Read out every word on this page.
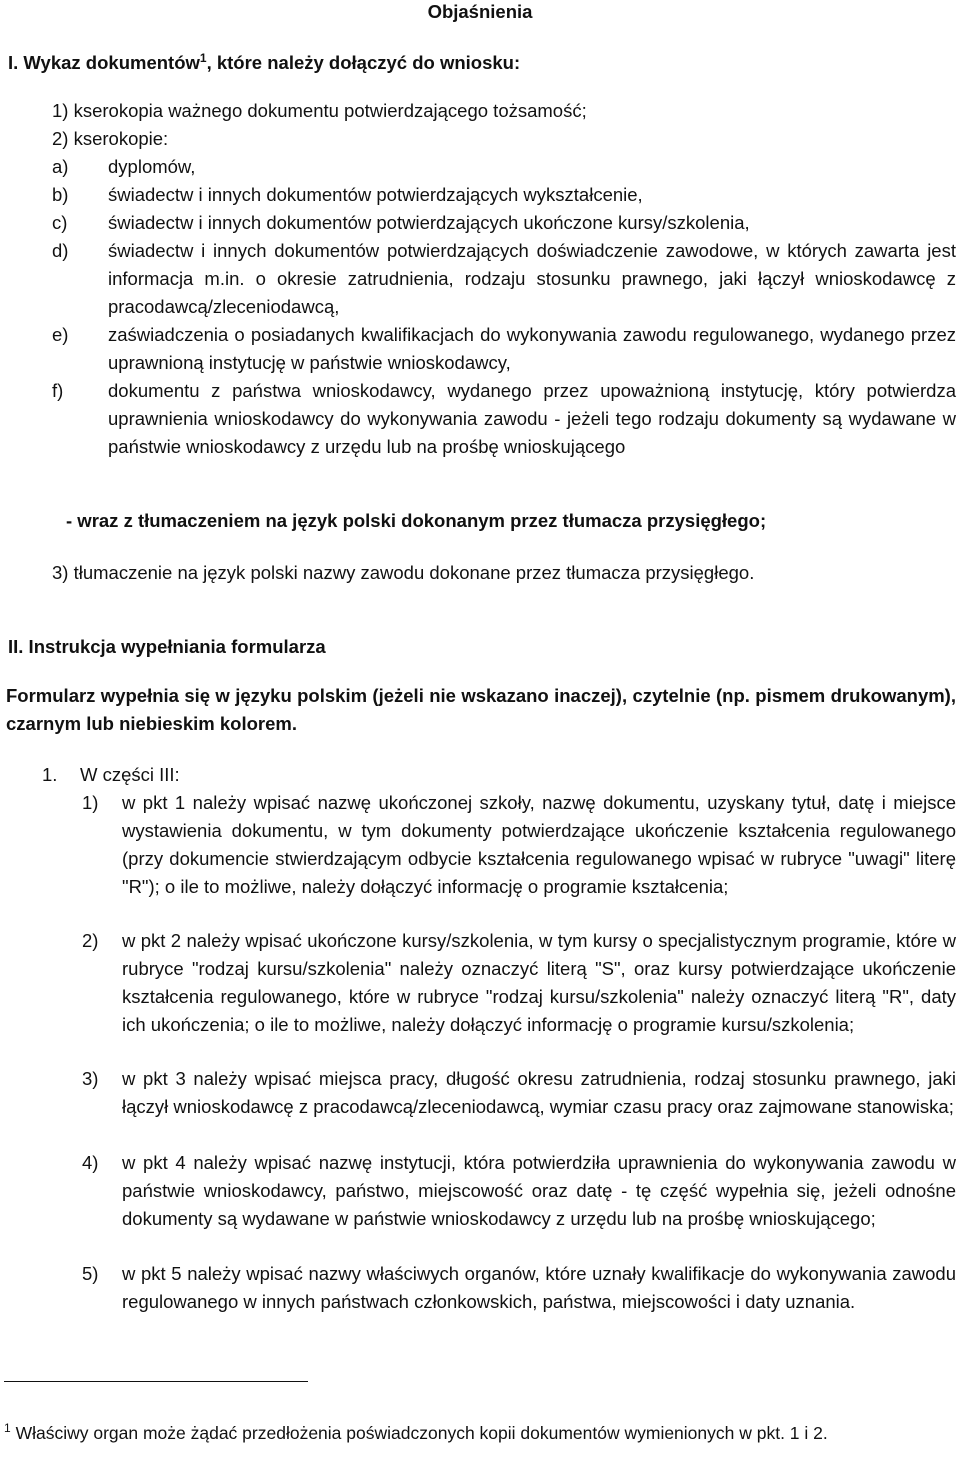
Objaśnienia
I. Wykaz dokumentów$^1$, które należy dołączyć do wniosku:
1) kserokopia ważnego dokumentu potwierdzającego tożsamość;
2) kserokopie:
a) dyplomów,
b) świadectw i innych dokumentów potwierdzających wykształcenie,
c) świadectw i innych dokumentów potwierdzających ukończone kursy/szkolenia,
d) świadectw i innych dokumentów potwierdzających doświadczenie zawodowe, w których zawarta jest informacja m.in. o okresie zatrudnienia, rodzaju stosunku prawnego, jaki łączył wnioskodawcę z pracodawcą/zleceniodawcą,
e) zaświadczenia o posiadanych kwalifikacjach do wykonywania zawodu regulowanego, wydanego przez uprawnioną instytucję w państwie wnioskodawcy,
f) dokumentu z państwa wnioskodawcy, wydanego przez upoważnioną instytucję, który potwierdza uprawnienia wnioskodawcy do wykonywania zawodu - jeżeli tego rodzaju dokumenty są wydawane w państwie wnioskodawcy z urzędu lub na prośbę wnioskującego
- wraz z tłumaczeniem na język polski dokonanym przez tłumacza przysięgłego;
3) tłumaczenie na język polski nazwy zawodu dokonane przez tłumacza przysięgłego.
II. Instrukcja wypełniania formularza
Formularz wypełnia się w języku polskim (jeżeli nie wskazano inaczej), czytelnie (np. pismem drukowanym), czarnym lub niebieskim kolorem.
1. W części III:
1) w pkt 1 należy wpisać nazwę ukończonej szkoły, nazwę dokumentu, uzyskany tytuł, datę i miejsce wystawienia dokumentu, w tym dokumenty potwierdzające ukończenie kształcenia regulowanego (przy dokumencie stwierdzającym odbycie kształcenia regulowanego wpisać w rubryce "uwagi" literę "R"); o ile to możliwe, należy dołączyć informację o programie kształcenia;
2) w pkt 2 należy wpisać ukończone kursy/szkolenia, w tym kursy o specjalistycznym programie, które w rubryce "rodzaj kursu/szkolenia" należy oznaczyć literą "S", oraz kursy potwierdzające ukończenie kształcenia regulowanego, które w rubryce "rodzaj kursu/szkolenia" należy oznaczyć literą "R", daty ich ukończenia; o ile to możliwe, należy dołączyć informację o programie kursu/szkolenia;
3) w pkt 3 należy wpisać miejsca pracy, długość okresu zatrudnienia, rodzaj stosunku prawnego, jaki łączył wnioskodawcę z pracodawcą/zleceniodawcą, wymiar czasu pracy oraz zajmowane stanowiska;
4) w pkt 4 należy wpisać nazwę instytucji, która potwierdziła uprawnienia do wykonywania zawodu w państwie wnioskodawcy, państwo, miejscowość oraz datę - tę część wypełnia się, jeżeli odnośne dokumenty są wydawane w państwie wnioskodawcy z urzędu lub na prośbę wnioskującego;
5) w pkt 5 należy wpisać nazwy właściwych organów, które uznały kwalifikacje do wykonywania zawodu regulowanego w innych państwach członkowskich, państwa, miejscowości i daty uznania.
$^1$ Właściwy organ może żądać przedłożenia poświadczonych kopii dokumentów wymienionych w pkt. 1 i 2.
